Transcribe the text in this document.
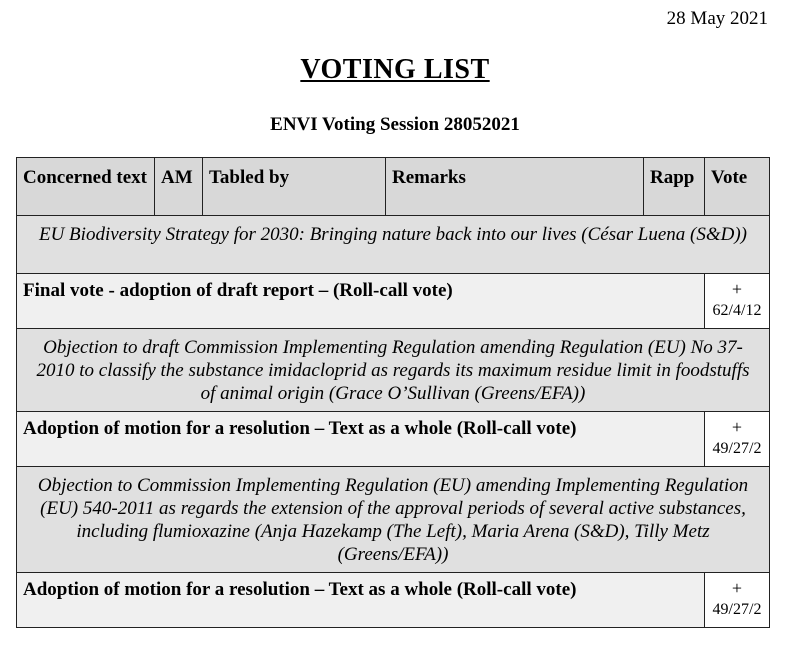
28 May 2021
VOTING LIST
ENVI Voting Session 28052021
Concerned text	AM	Tabled by	Remarks	Rapp	Vote
EU Biodiversity Strategy for 2030: Bringing nature back into our lives (César Luena (S&D))					
Final vote - adoption of draft report – (Roll-call vote)					+
62/4/12
Objection to draft Commission Implementing Regulation amending Regulation (EU) No 37-2010 to classify the substance imidacloprid as regards its maximum residue limit in foodstuffs of animal origin (Grace O’Sullivan (Greens/EFA))					
Adoption of motion for a resolution – Text as a whole (Roll-call vote)					+
49/27/2
Objection to Commission Implementing Regulation (EU) amending Implementing Regulation (EU) 540-2011 as regards the extension of the approval periods of several active substances, including flumioxazine (Anja Hazekamp (The Left), Maria Arena (S&D), Tilly Metz (Greens/EFA))					
Adoption of motion for a resolution – Text as a whole (Roll-call vote)					+
49/27/2
